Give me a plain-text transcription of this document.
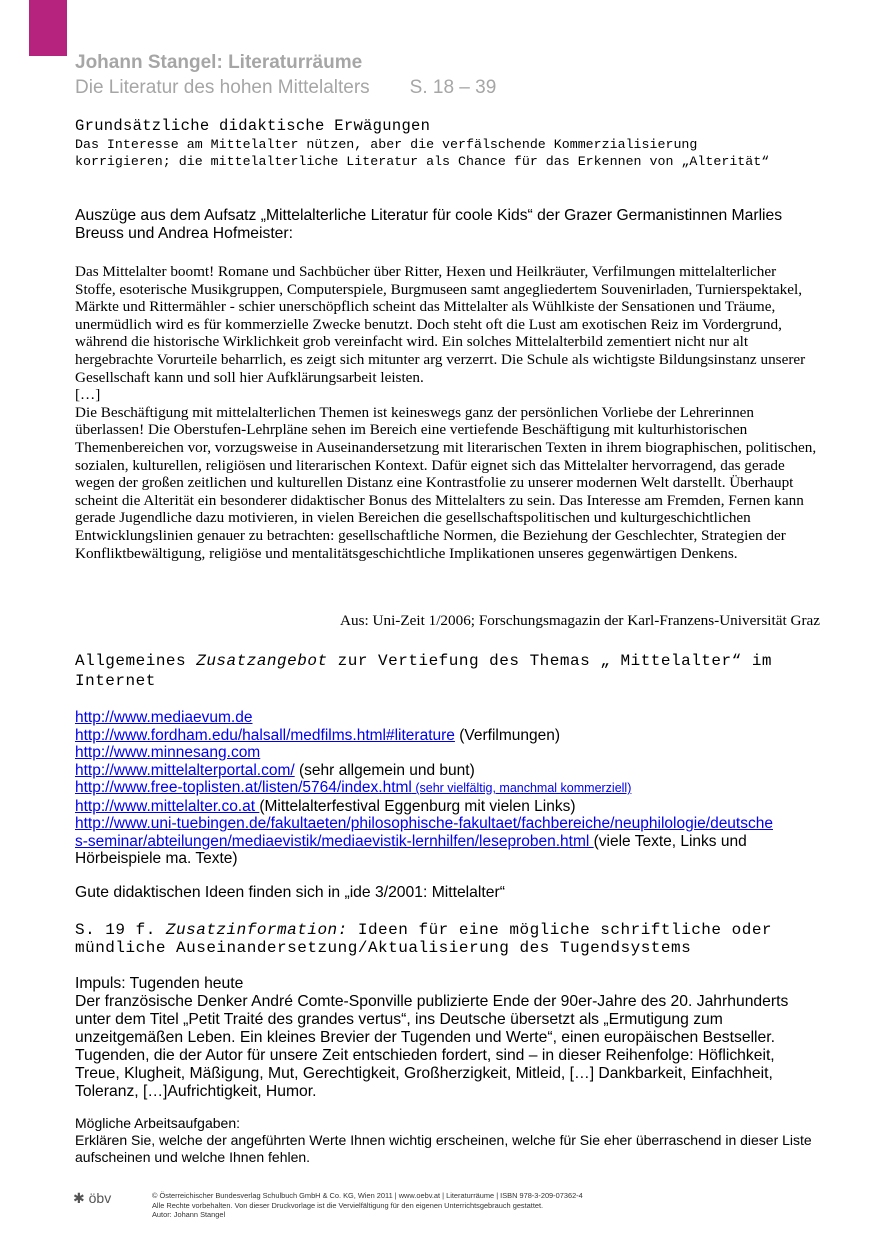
Johann Stangel: Literaturräume
Die Literatur des hohen Mittelalters S. 18 – 39
Grundsätzliche didaktische Erwägungen
Das Interesse am Mittelalter nützen, aber die verfälschende Kommerzialisierung korrigieren; die mittelalterliche Literatur als Chance für das Erkennen von „Alterität“
Auszüge aus dem Aufsatz „Mittelalterliche Literatur für coole Kids“ der Grazer Germanistinnen Marlies Breuss und Andrea Hofmeister:

Das Mittelalter boomt! Romane und Sachbücher über Ritter, Hexen und Heilkräuter, Verfilmungen mittelalterlicher Stoffe, esoterische Musikgruppen, Computerspiele, Burgmuseen samt angegliedertem Souvenirladen, Turnierspektakel, Märkte und Rittermähler - schier unerschöpflich scheint das Mittelalter als Wühlkiste der Sensationen und Träume, unermüdlich wird es für kommerzielle Zwecke benutzt. Doch steht oft die Lust am exotischen Reiz im Vordergrund, während die historische Wirklichkeit grob vereinfacht wird. Ein solches Mittelalterbild zementiert nicht nur alt hergebrachte Vorurteile beharrlich, es zeigt sich mitunter arg verzerrt. Die Schule als wichtigste Bildungsinstanz unserer Gesellschaft kann und soll hier Aufklärungsarbeit leisten.

[…]

Die Beschäftigung mit mittelalterlichen Themen ist keineswegs ganz der persönlichen Vorliebe der Lehrerinnen überlassen! Die Oberstufen-Lehrpläne sehen im Bereich eine vertiefende Beschäftigung mit kulturhistorischen Themenbereichen vor, vorzugsweise in Auseinandersetzung mit literarischen Texten in ihrem biographischen, politischen, sozialen, kulturellen, religiösen und literarischen Kontext. Dafür eignet sich das Mittelalter hervorragend, das gerade wegen der großen zeitlichen und kulturellen Distanz eine Kontrastfolie zu unserer modernen Welt darstellt. Überhaupt scheint die Alterität ein besonderer didaktischer Bonus des Mittelalters zu sein. Das Interesse am Fremden, Fernen kann gerade Jugendliche dazu motivieren, in vielen Bereichen die gesellschaftspolitischen und kulturgeschichtlichen Entwicklungslinien genauer zu betrachten: gesellschaftliche Normen, die Beziehung der Geschlechter, Strategien der Konfliktbewältigung, religiöse und mentalitätsgeschichtliche Implikationen unseres gegenwärtigen Denkens.

Aus: Uni-Zeit 1/2006; Forschungsmagazin der Karl-Franzens-Universität Graz
Allgemeines Zusatzangebot zur Vertiefung des Themas „ Mittelalter“ im Internet
http://www.mediaevum.de
http://www.fordham.edu/halsall/medfilms.html#literature (Verfilmungen)
http://www.minnesang.com
http://www.mittelalterportal.com/ (sehr allgemein und bunt)
http://www.free-toplisten.at/listen/5764/index.html (sehr vielfältig, manchmal kommerziell)
http://www.mittelalter.co.at (Mittelalterfestival Eggenburg mit vielen Links)
http://www.uni-tuebingen.de/fakultaeten/philosophische-fakultaet/fachbereiche/neuphilologie/deutsches-seminar/abteilungen/mediaevistik/mediaevistik-lernhilfen/leseproben.html (viele Texte, Links und Hörbeispiele ma. Texte)
Gute didaktischen Ideen finden sich in „ide 3/2001: Mittelalter“
S. 19 f. Zusatzinformation: Ideen für eine mögliche schriftliche oder mündliche Auseinandersetzung/Aktualisierung des Tugendsystems

Impuls: Tugenden heute

Der französische Denker André Comte-Sponville publizierte Ende der 90er-Jahre des 20. Jahrhunderts unter dem Titel „Petit Traité des grandes vertus“, ins Deutsche übersetzt als „Ermutigung zum unzeitgemäßen Leben. Ein kleines Brevier der Tugenden und Werte“, einen europäischen Bestseller. Tugenden, die der Autor für unsere Zeit entschieden fordert, sind – in dieser Reihenfolge: Höflichkeit, Treue, Klugheit, Mäßigung, Mut, Gerechtigkeit, Großherzigkeit, Mitleid, […] Dankbarkeit, Einfachheit, Toleranz, […]Aufrichtigkeit, Humor.

Mögliche Arbeitsaufgaben:

Erklären Sie, welche der angeführten Werte Ihnen wichtig erscheinen, welche für Sie eher überraschend in dieser Liste aufscheinen und welche Ihnen fehlen.

✱ öbv	© Österreichischer Bundesverlag Schulbuch GmbH & Co. KG, Wien 2011 | www.oebv.at | Literaturräume | ISBN 978-3-209-07362-4
Alle Rechte vorbehalten. Von dieser Druckvorlage ist die Vervielfältigung für den eigenen Unterrichtsgebrauch gestattet.
Autor: Johann Stangel
